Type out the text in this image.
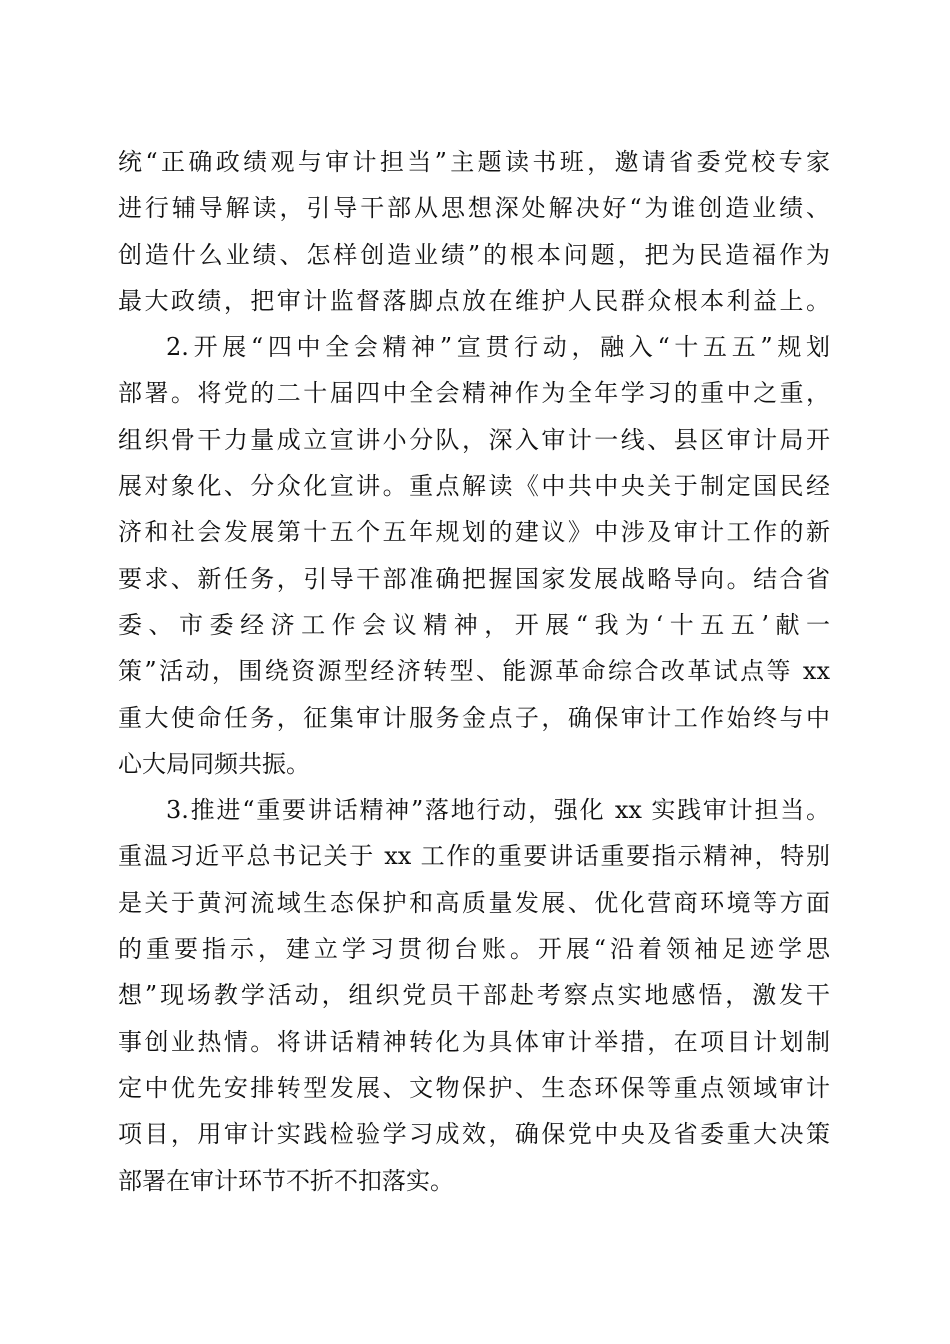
统“正确政绩观与审计担当”主题读书班，邀请省委党校专家
进行辅导解读，引导干部从思想深处解决好“为谁创造业绩、
创造什么业绩、怎样创造业绩”的根本问题，把为民造福作为
最大政绩，把审计监督落脚点放在维护人民群众根本利益上。
2.开展“四中全会精神”宣贯行动，融入“十五五”规划
部署。将党的二十届四中全会精神作为全年学习的重中之重，
组织骨干力量成立宣讲小分队，深入审计一线、县区审计局开
展对象化、分众化宣讲。重点解读《中共中央关于制定国民经
济和社会发展第十五个五年规划的建议》中涉及审计工作的新
要求、新任务，引导干部准确把握国家发展战略导向。结合省
委、市委经济工作会议精神，开展“我为‘十五五’献一
策”活动，围绕资源型经济转型、能源革命综合改革试点等 xx
重大使命任务，征集审计服务金点子，确保审计工作始终与中
心大局同频共振。
3.推进“重要讲话精神”落地行动，强化 xx 实践审计担当。
重温习近平总书记关于 xx 工作的重要讲话重要指示精神，特别
是关于黄河流域生态保护和高质量发展、优化营商环境等方面
的重要指示，建立学习贯彻台账。开展“沿着领袖足迹学思
想”现场教学活动，组织党员干部赴考察点实地感悟，激发干
事创业热情。将讲话精神转化为具体审计举措，在项目计划制
定中优先安排转型发展、文物保护、生态环保等重点领域审计
项目，用审计实践检验学习成效，确保党中央及省委重大决策
部署在审计环节不折不扣落实。
